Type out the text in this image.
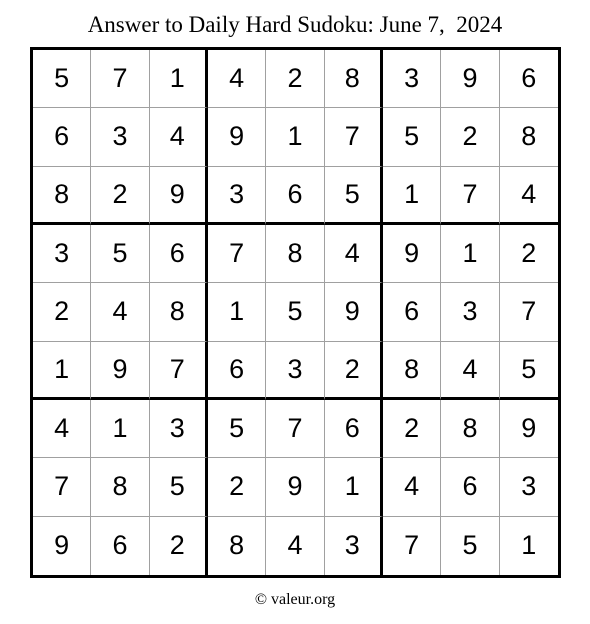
Answer to Daily Hard Sudoku: June 7,  2024
5	7	1	4	2	8	3	9	6
6	3	4	9	1	7	5	2	8
8	2	9	3	6	5	1	7	4
3	5	6	7	8	4	9	1	2
2	4	8	1	5	9	6	3	7
1	9	7	6	3	2	8	4	5
4	1	3	5	7	6	2	8	9
7	8	5	2	9	1	4	6	3
9	6	2	8	4	3	7	5	1
© valeur.org
